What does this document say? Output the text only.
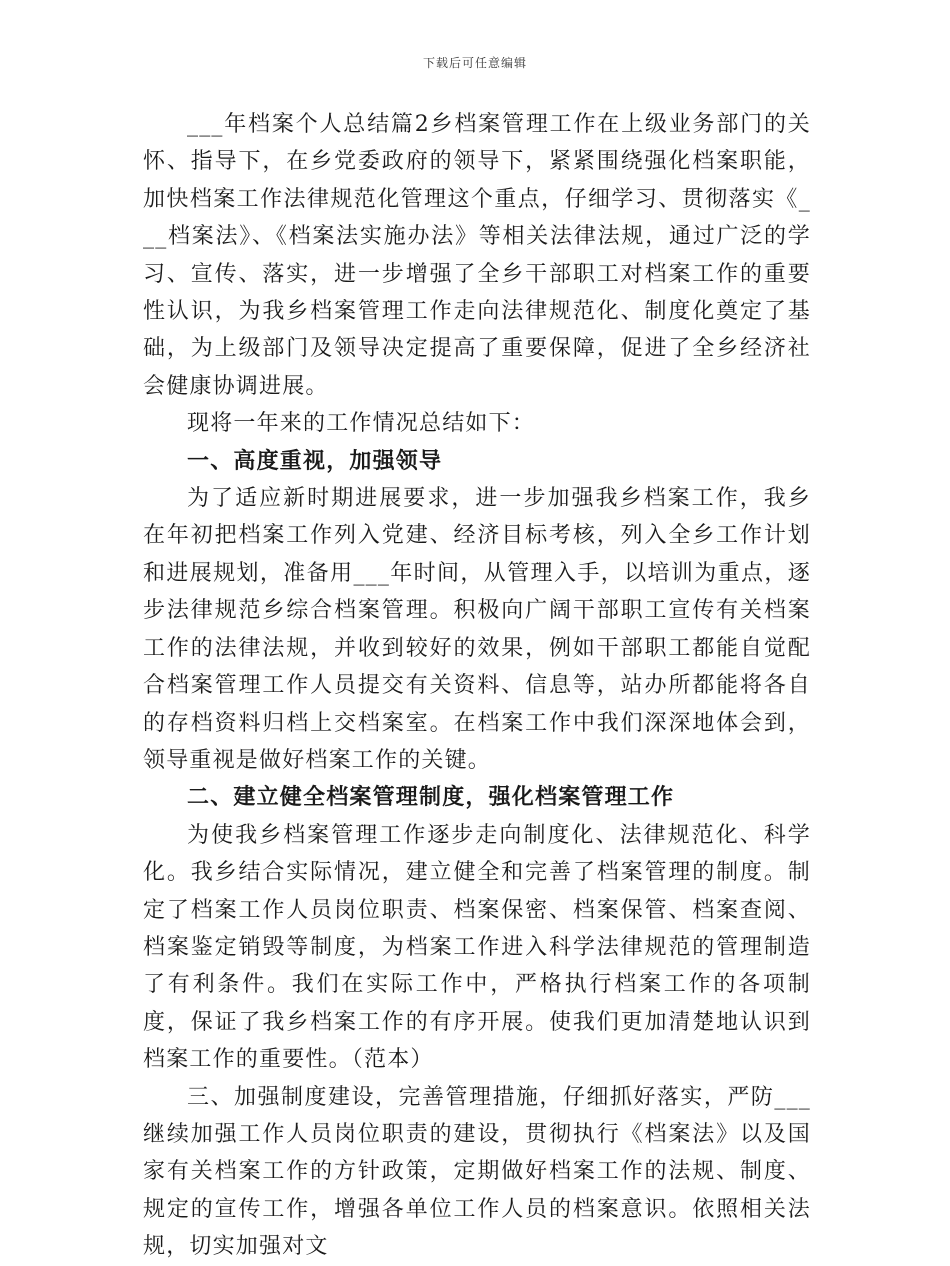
下载后可任意编辑

___年档案个人总结篇2乡档案管理工作在上级业务部门的关怀、指导下，在乡党委政府的领导下，紧紧围绕强化档案职能，加快档案工作法律规范化管理这个重点，仔细学习、贯彻落实《___档案法》、《档案法实施办法》等相关法律法规，通过广泛的学习、宣传、落实，进一步增强了全乡干部职工对档案工作的重要性认识，为我乡档案管理工作走向法律规范化、制度化奠定了基础，为上级部门及领导决定提高了重要保障，促进了全乡经济社会健康协调进展。

现将一年来的工作情况总结如下：

一、高度重视，加强领导

为了适应新时期进展要求，进一步加强我乡档案工作，我乡在年初把档案工作列入党建、经济目标考核，列入全乡工作计划和进展规划，准备用___年时间，从管理入手，以培训为重点，逐步法律规范乡综合档案管理。积极向广阔干部职工宣传有关档案工作的法律法规，并收到较好的效果，例如干部职工都能自觉配合档案管理工作人员提交有关资料、信息等，站办所都能将各自的存档资料归档上交档案室。在档案工作中我们深深地体会到，领导重视是做好档案工作的关键。

二、建立健全档案管理制度，强化档案管理工作

为使我乡档案管理工作逐步走向制度化、法律规范化、科学化。我乡结合实际情况，建立健全和完善了档案管理的制度。制定了档案工作人员岗位职责、档案保密、档案保管、档案查阅、档案鉴定销毁等制度，为档案工作进入科学法律规范的管理制造了有利条件。我们在实际工作中，严格执行档案工作的各项制度，保证了我乡档案工作的有序开展。使我们更加清楚地认识到档案工作的重要性。（范本）

三、加强制度建设，完善管理措施，仔细抓好落实，严防___继续加强工作人员岗位职责的建设，贯彻执行《档案法》以及国家有关档案工作的方针政策，定期做好档案工作的法规、制度、规定的宣传工作，增强各单位工作人员的档案意识。依照相关法规，切实加强对文
